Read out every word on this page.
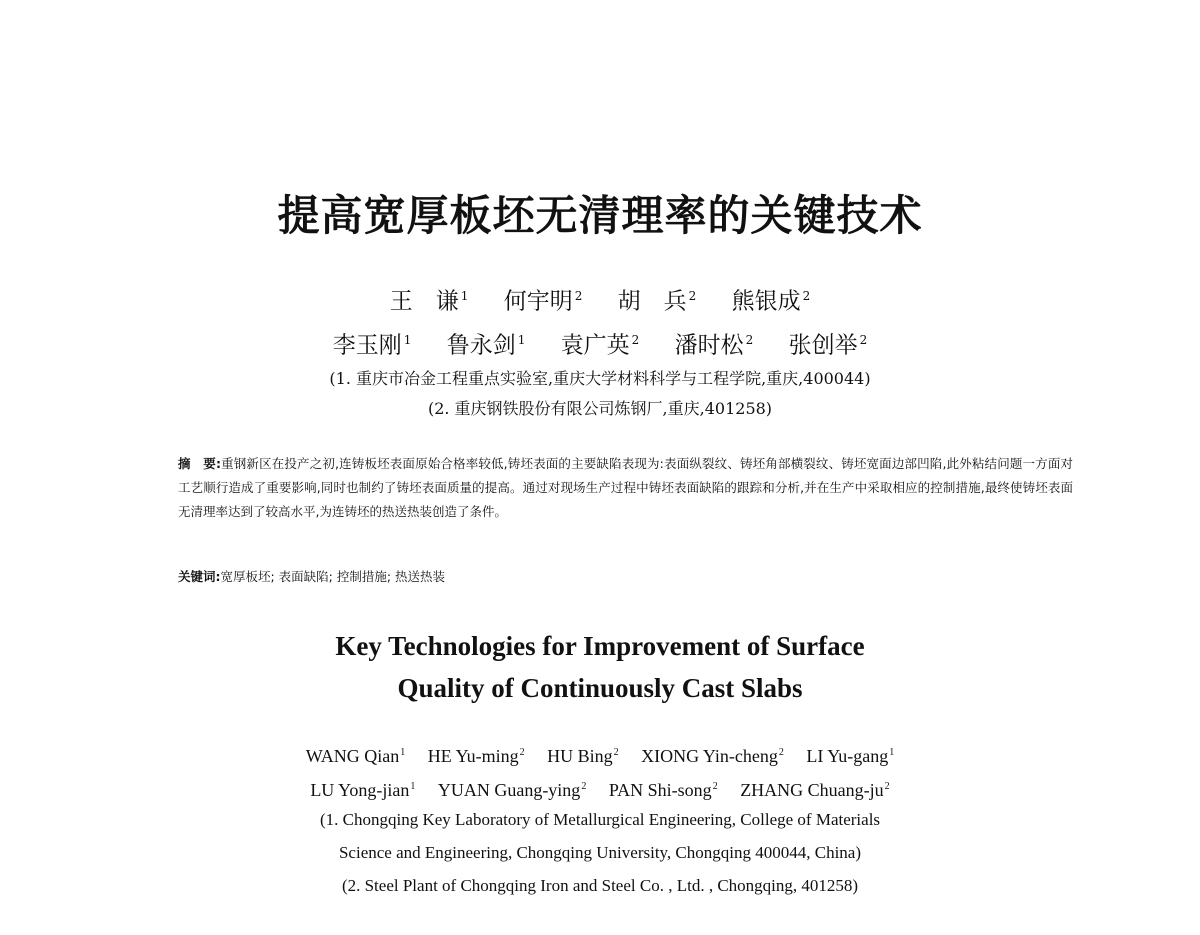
提高宽厚板坯无清理率的关键技术
王　谦 $^1$ 何宇明 $^2$ 胡　兵 $^2$ 熊银成 $^2$
李玉刚 $^1$ 鲁永剑 $^1$ 袁广英 $^2$ 潘时松 $^2$ 张创举 $^2$
(1. 重庆市冶金工程重点实验室,重庆大学材料科学与工程学院,重庆,400044)
(2. 重庆钢铁股份有限公司炼钢厂,重庆,401258)
摘　要:重钢新区在投产之初,连铸板坯表面原始合格率较低,铸坯表面的主要缺陷表现为:表面纵裂纹、铸坯角部横裂纹、铸坯宽面边部凹陷,此外粘结问题一方面对工艺顺行造成了重要影响,同时也制约了铸坯表面质量的提高。通过对现场生产过程中铸坯表面缺陷的跟踪和分析,并在生产中采取相应的控制措施,最终使铸坯表面无清理率达到了较高水平,为连铸坯的热送热装创造了条件。
关键词:宽厚板坯; 表面缺陷; 控制措施; 热送热装
Key Technologies for Improvement of Surface
Quality of Continuously Cast Slabs
WANG Qian$^1$ HE Yu-ming$^2$ HU Bing$^2$ XIONG Yin-cheng$^2$ LI Yu-gang$^1$
LU Yong-jian$^1$ YUAN Guang-ying$^2$ PAN Shi-song$^2$ ZHANG Chuang-$ju^2$
(1. Chongqing Key Laboratory of Metallurgical Engineering, College of Materials
Science and Engineering, Chongqing University, Chongqing 400044, China)
(2. Steel Plant of Chongqing Iron and Steel Co. , Ltd. , Chongqing, 401258)
